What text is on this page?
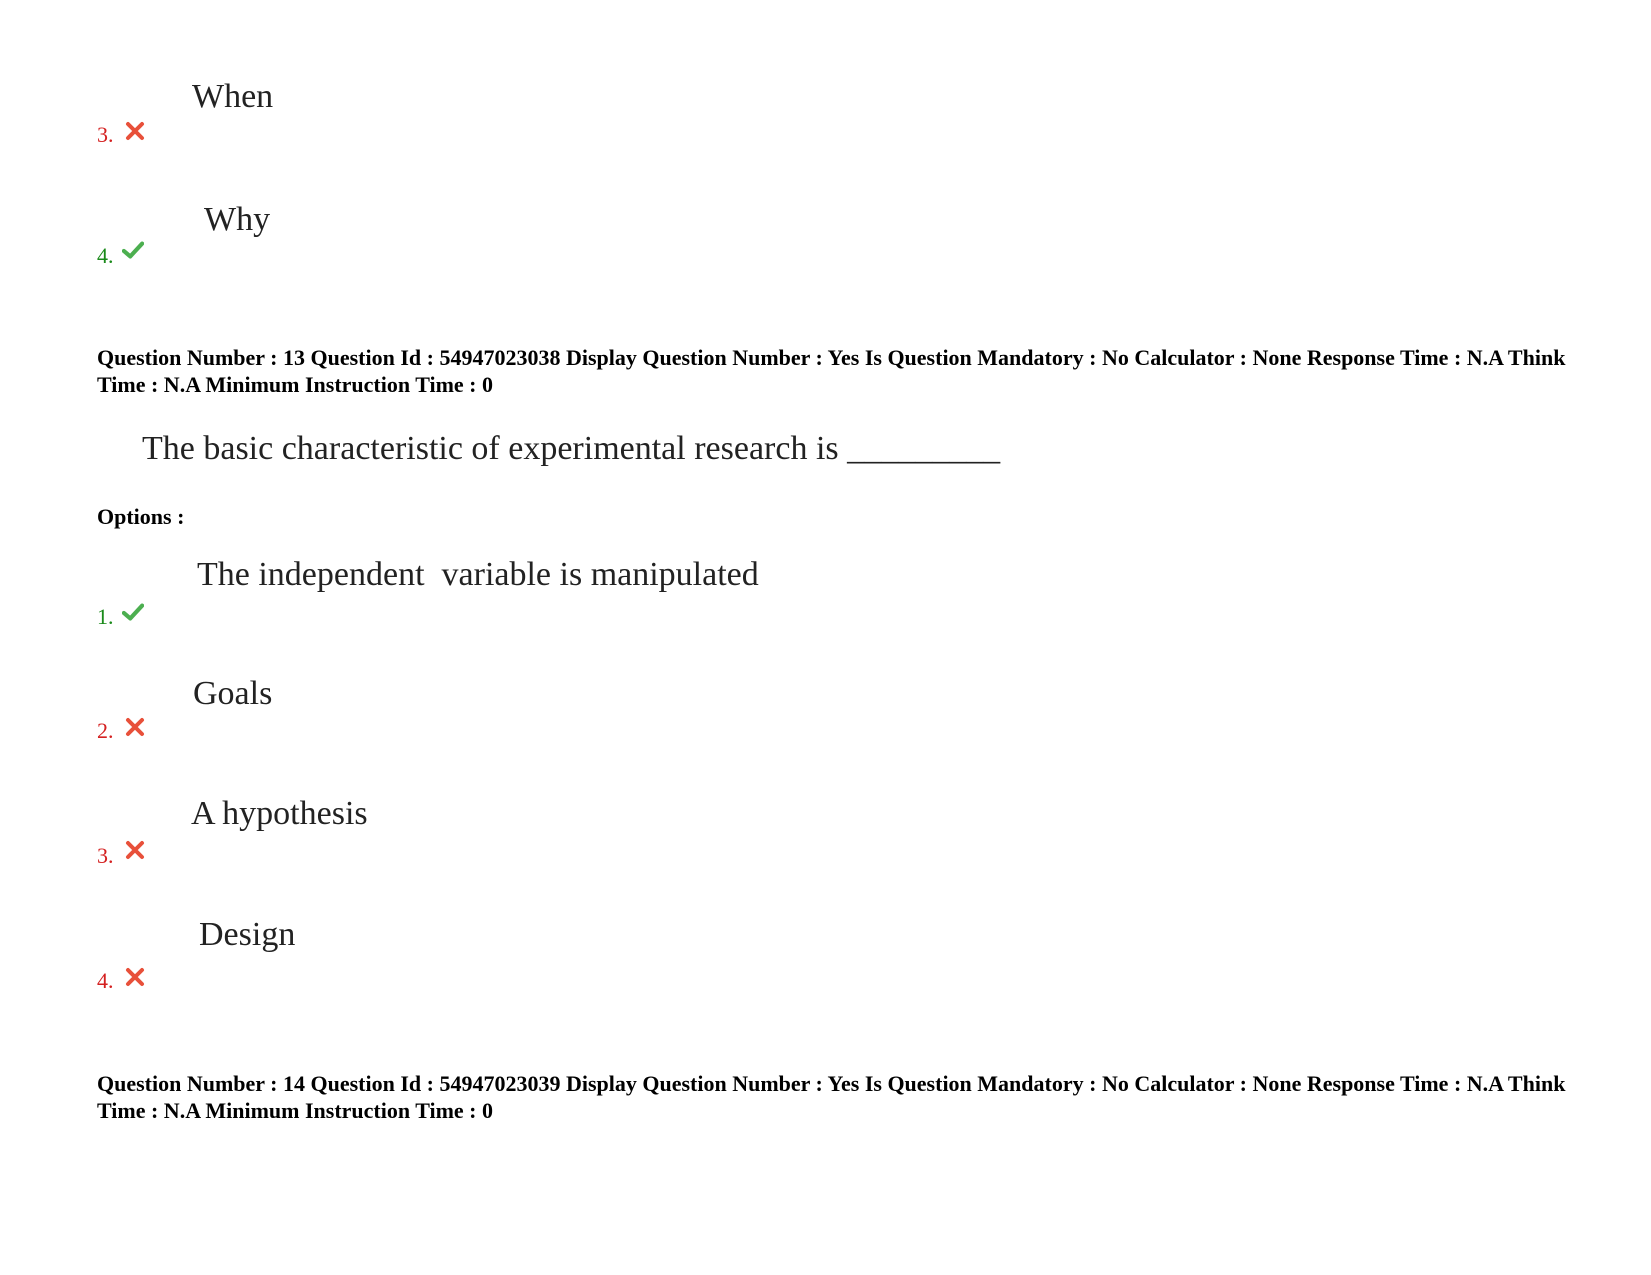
When
3.
Why
4.
Question Number : 13 Question Id : 54947023038 Display Question Number : Yes Is Question Mandatory : No Calculator : None Response Time : N.A Think Time : N.A Minimum Instruction Time : 0
The basic characteristic of experimental research is _________
Options :
The independent  variable is manipulated
1.
Goals
2.
A hypothesis
3.
Design
4.
Question Number : 14 Question Id : 54947023039 Display Question Number : Yes Is Question Mandatory : No Calculator : None Response Time : N.A Think Time : N.A Minimum Instruction Time : 0
